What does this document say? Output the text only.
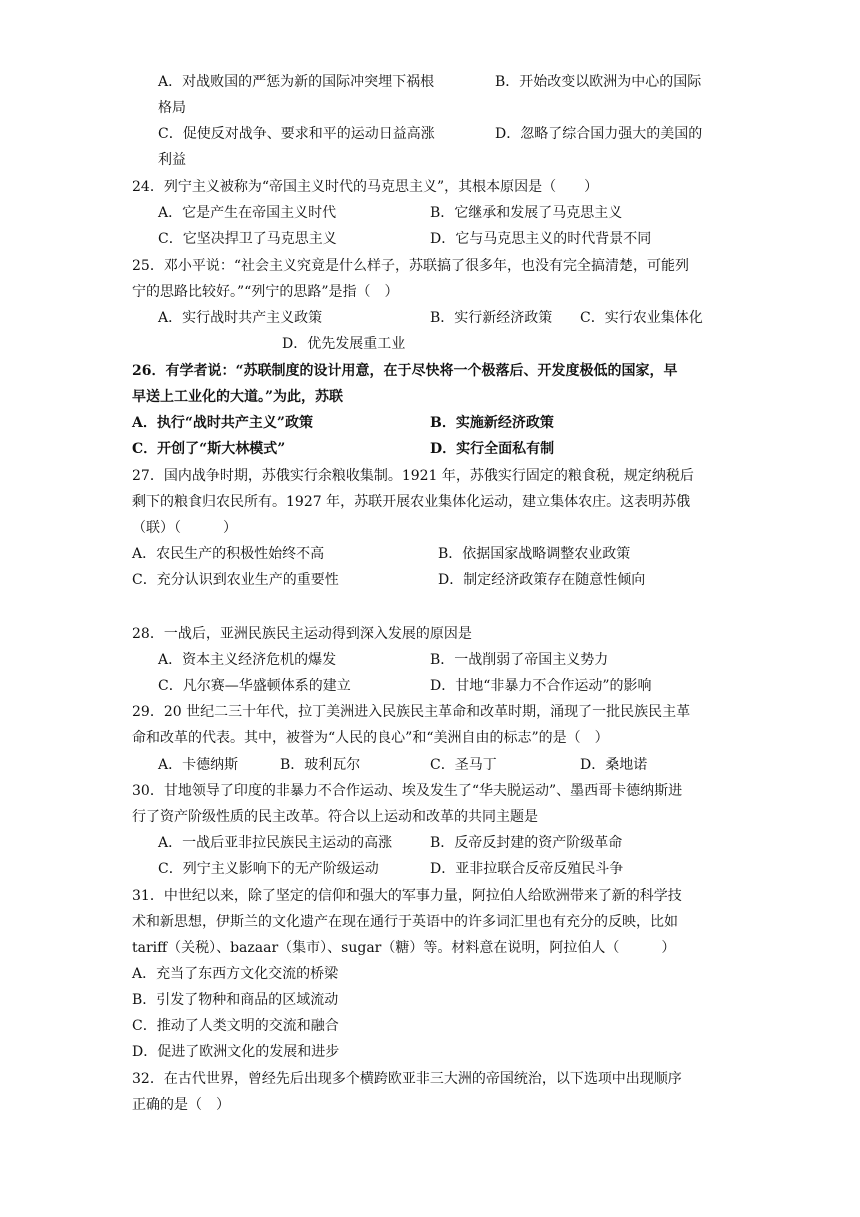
A．对战败国的严惩为新的国际冲突埋下祸根	B．开始改变以欧洲为中心的国际
格局
C．促使反对战争、要求和平的运动日益高涨	D．忽略了综合国力强大的美国的
利益
24．列宁主义被称为“帝国主义时代的马克思主义”，其根本原因是（　　）
A．它是产生在帝国主义时代	B．它继承和发展了马克思主义
C．它坚决捍卫了马克思主义	D．它与马克思主义的时代背景不同
25．邓小平说：“社会主义究竟是什么样子，苏联搞了很多年，也没有完全搞清楚，可能列
宁的思路比较好。”“列宁的思路”是指（　）
A．实行战时共产主义政策	B．实行新经济政策 C．实行农业集体化
D．优先发展重工业
26．有学者说：“苏联制度的设计用意，在于尽快将一个极落后、开发度极低的国家，早
早送上工业化的大道。”为此，苏联
A．执行“战时共产主义”政策	B．实施新经济政策
C．开创了“斯大林模式”	D．实行全面私有制
27．国内战争时期，苏俄实行余粮收集制。1921 年，苏俄实行固定的粮食税，规定纳税后
剩下的粮食归农民所有。1927 年，苏联开展农业集体化运动，建立集体农庄。这表明苏俄
（联）（　　　）
A．农民生产的积极性始终不高	B．依据国家战略调整农业政策
C．充分认识到农业生产的重要性	D．制定经济政策存在随意性倾向
28．一战后，亚洲民族民主运动得到深入发展的原因是
A．资本主义经济危机的爆发	B．一战削弱了帝国主义势力
C．凡尔赛—华盛顿体系的建立	D．甘地“非暴力不合作运动”的影响
29．20 世纪二三十年代，拉丁美洲进入民族民主革命和改革时期，涌现了一批民族民主革
命和改革的代表。其中，被誉为“人民的良心”和“美洲自由的标志”的是（　）
A．卡德纳斯	B．玻利瓦尔	C．圣马丁	D．桑地诺
30．甘地领导了印度的非暴力不合作运动、埃及发生了“华夫脱运动”、墨西哥卡德纳斯进
行了资产阶级性质的民主改革。符合以上运动和改革的共同主题是
A．一战后亚非拉民族民主运动的高涨	B．反帝反封建的资产阶级革命
C．列宁主义影响下的无产阶级运动	D．亚非拉联合反帝反殖民斗争
31．中世纪以来，除了坚定的信仰和强大的军事力量，阿拉伯人给欧洲带来了新的科学技
术和新思想，伊斯兰的文化遗产在现在通行于英语中的许多词汇里也有充分的反映，比如
tariff（关税）、bazaar（集市）、sugar（糖）等。材料意在说明，阿拉伯人（　　　）
A．充当了东西方文化交流的桥梁
B．引发了物种和商品的区域流动
C．推动了人类文明的交流和融合
D．促进了欧洲文化的发展和进步
32．在古代世界，曾经先后出现多个横跨欧亚非三大洲的帝国统治，以下选项中出现顺序
正确的是（　）
